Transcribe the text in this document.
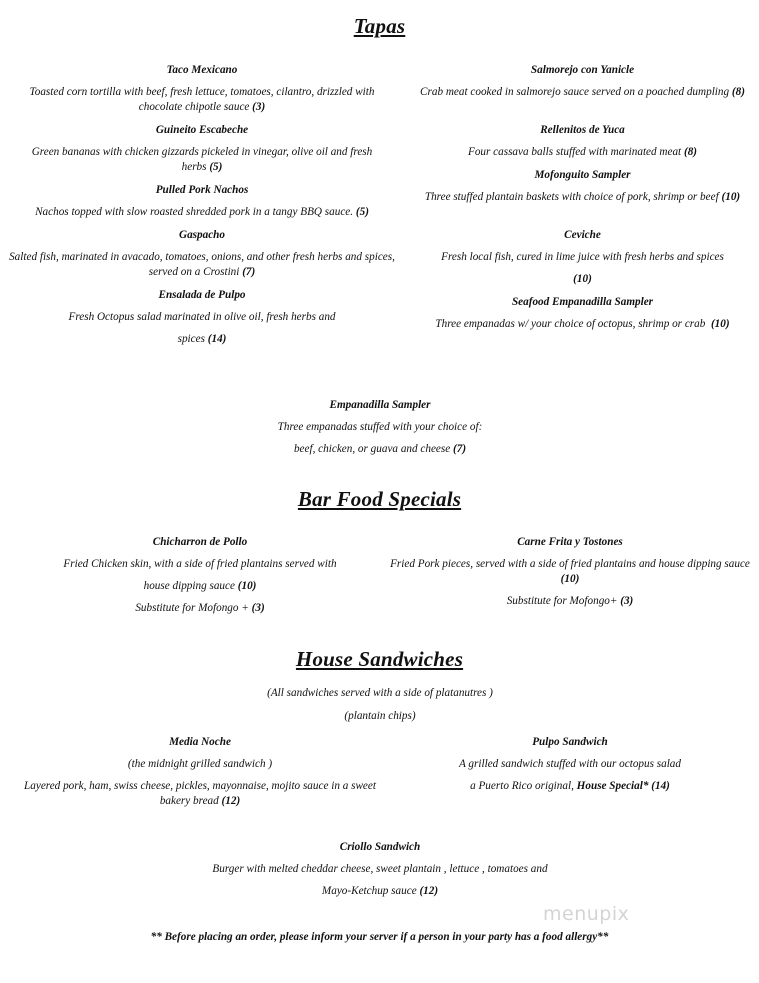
Tapas
Taco Mexicano
Toasted corn tortilla with beef, fresh lettuce, tomatoes, cilantro, drizzled with chocolate chipotle sauce (3)
Guineito Escabeche
Green bananas with chicken gizzards pickeled in vinegar, olive oil and fresh herbs (5)
Pulled Pork Nachos
Nachos topped with slow roasted shredded pork in a tangy BBQ sauce. (5)
Gaspacho
Salted fish, marinated in avacado, tomatoes, onions, and other fresh herbs and spices, served on a Crostini (7)
Ensalada de Pulpo
Fresh Octopus salad marinated in olive oil, fresh herbs and
spices (14)
Salmorejo con Yanicle
Crab meat cooked in salmorejo sauce served on a poached dumpling (8)
Rellenitos de Yuca
Four cassava balls stuffed with marinated meat (8)
Mofonguito Sampler
Three stuffed plantain baskets with choice of pork, shrimp or beef (10)
Ceviche
Fresh local fish, cured in lime juice with fresh herbs and spices
(10)
Seafood Empanadilla Sampler
Three empanadas w/ your choice of octopus, shrimp or crab (10)
Empanadilla Sampler
Three empanadas stuffed with your choice of:
beef, chicken, or guava and cheese (7)
Bar Food Specials
Chicharron de Pollo
Fried Chicken skin, with a side of fried plantains served with
house dipping sauce (10)
Substitute for Mofongo + (3)
Carne Frita y Tostones
Fried Pork pieces, served with a side of fried plantains and house dipping sauce (10)
Substitute for Mofongo+ (3)
House Sandwiches
(All sandwiches served with a side of platanutres )
(plantain chips)
Media Noche
(the midnight grilled sandwich )
Layered pork, ham, swiss cheese, pickles, mayonnaise, mojito sauce in a sweet bakery bread (12)
Pulpo Sandwich
A grilled sandwich stuffed with our octopus salad
a Puerto Rico original, House Special* (14)
Criollo Sandwich
Burger with melted cheddar cheese, sweet plantain , lettuce , tomatoes and
Mayo-Ketchup sauce (12)
menupix
** Before placing an order, please inform your server if a person in your party has a food allergy**
